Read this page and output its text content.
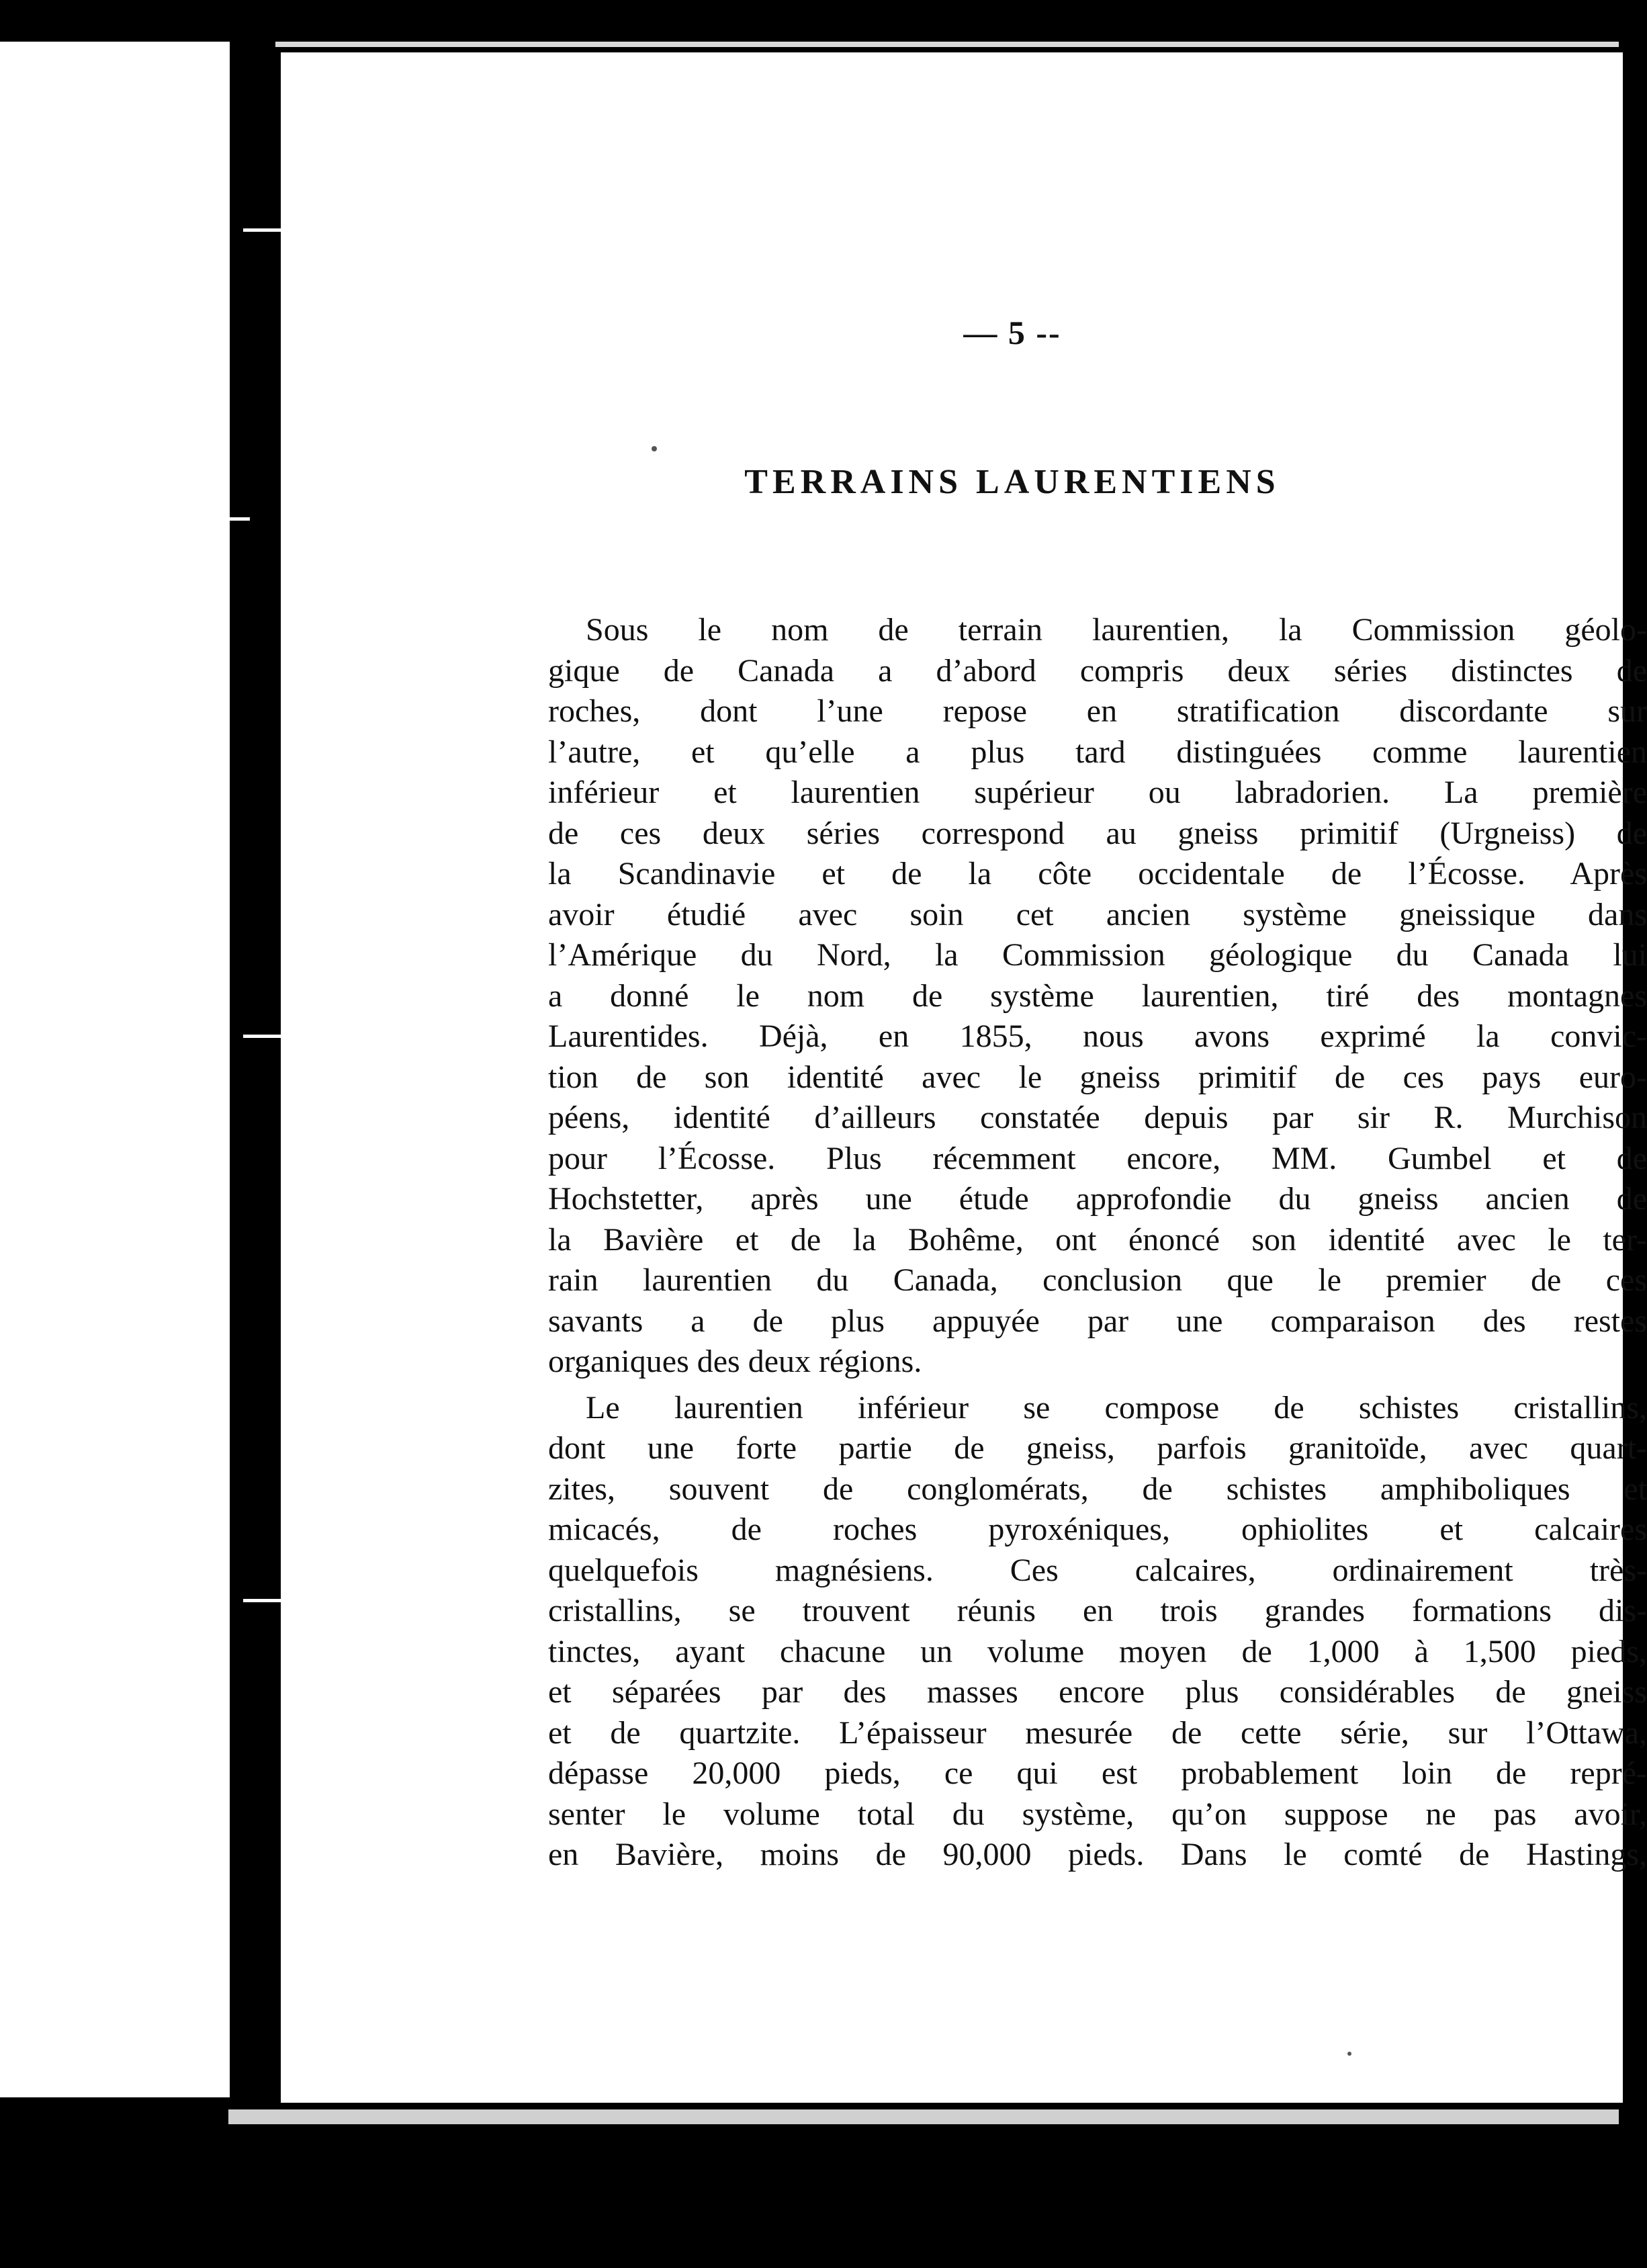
— 5 --
TERRAINS LAURENTIENS
Sous le nom de terrain laurentien, la Commission géolo-
gique de Canada a d’abord compris deux séries distinctes de
roches, dont l’une repose en stratification discordante sur
l’autre, et qu’elle a plus tard distinguées comme laurentien
inférieur et laurentien supérieur ou labradorien. La première
de ces deux séries correspond au gneiss primitif (Urgneiss) de
la Scandinavie et de la côte occidentale de l’Écosse. Après
avoir étudié avec soin cet ancien système gneissique dans
l’Amérique du Nord, la Commission géologique du Canada lui
a donné le nom de système laurentien, tiré des montagnes
Laurentides. Déjà, en 1855, nous avons exprimé la convic-
tion de son identité avec le gneiss primitif de ces pays euro-
péens, identité d’ailleurs constatée depuis par sir R. Murchison
pour l’Écosse. Plus récemment encore, MM. Gumbel et de
Hochstetter, après une étude approfondie du gneiss ancien de
la Bavière et de la Bohême, ont énoncé son identité avec le ter-
rain laurentien du Canada, conclusion que le premier de ces
savants a de plus appuyée par une comparaison des restes
organiques des deux régions.
Le laurentien inférieur se compose de schistes cristallins,
dont une forte partie de gneiss, parfois granitoïde, avec quart-
zites, souvent de conglomérats, de schistes amphiboliques et
micacés, de roches pyroxéniques, ophiolites et calcaires
quelquefois magnésiens. Ces calcaires, ordinairement très-
cristallins, se trouvent réunis en trois grandes formations dis-
tinctes, ayant chacune un volume moyen de 1,000 à 1,500 pieds,
et séparées par des masses encore plus considérables de gneiss
et de quartzite. L’épaisseur mesurée de cette série, sur l’Ottawa,
dépasse 20,000 pieds, ce qui est probablement loin de repré-
senter le volume total du système, qu’on suppose ne pas avoir,
en Bavière, moins de 90,000 pieds. Dans le comté de Hastings,
